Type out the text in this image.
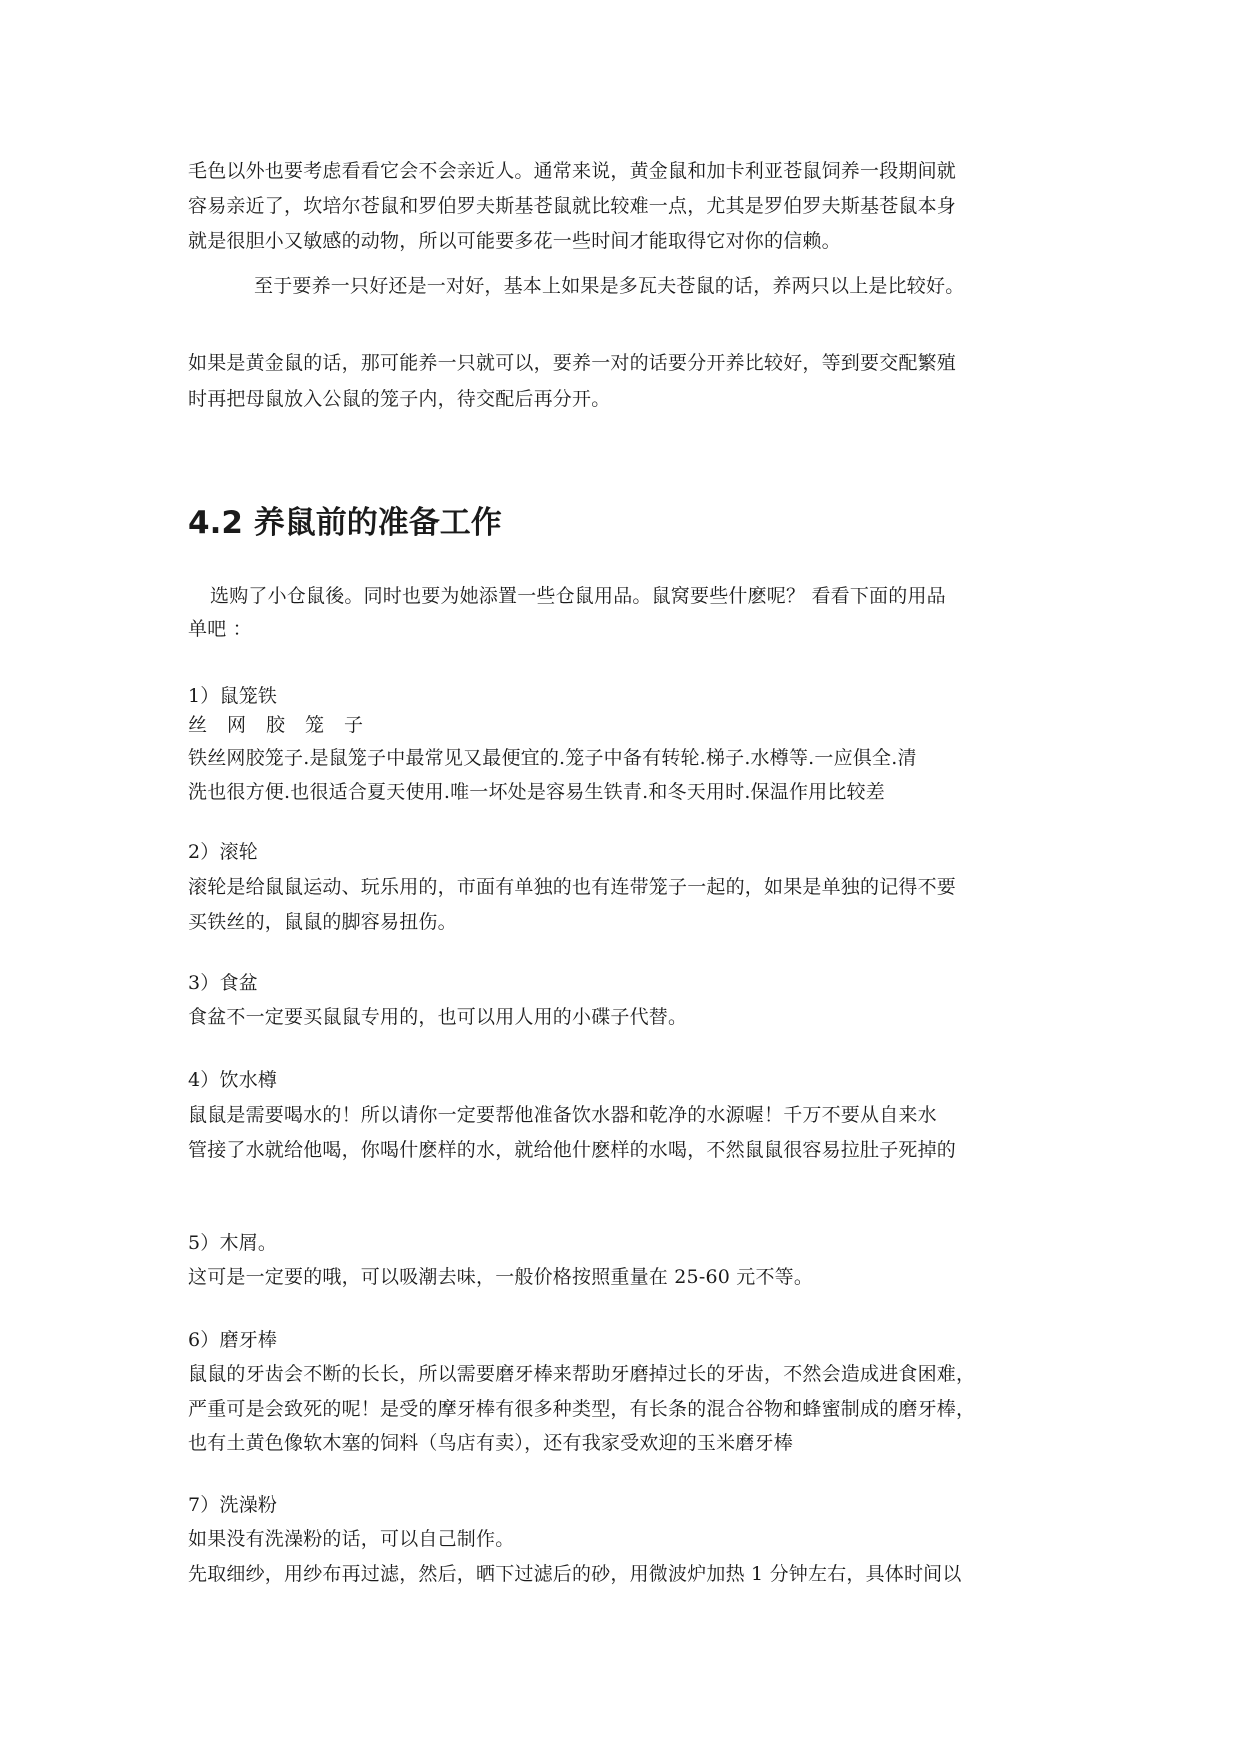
毛色以外也要考虑看看它会不会亲近人。通常来说，黄金鼠和加卡利亚苍鼠饲养一段期间就
容易亲近了，坎培尔苍鼠和罗伯罗夫斯基苍鼠就比较难一点，尤其是罗伯罗夫斯基苍鼠本身
就是很胆小又敏感的动物，所以可能要多花一些时间才能取得它对你的信赖。
至于要养一只好还是一对好，基本上如果是多瓦夫苍鼠的话，养两只以上是比较好。
如果是黄金鼠的话，那可能养一只就可以，要养一对的话要分开养比较好，等到要交配繁殖
时再把母鼠放入公鼠的笼子内，待交配后再分开。
4.2 养鼠前的准备工作
选购了小仓鼠後。同时也要为她添置一些仓鼠用品。鼠窝要些什麽呢？ 看看下面的用品
单吧 ：
1）鼠笼铁
丝网胶笼子
铁丝网胶笼子.是鼠笼子中最常见又最便宜的.笼子中备有转轮.梯子.水樽等.一应俱全.清
洗也很方便.也很适合夏天使用.唯一坏处是容易生铁青.和冬天用时.保温作用比较差
2）滚轮
滚轮是给鼠鼠运动、玩乐用的，市面有单独的也有连带笼子一起的，如果是单独的记得不要
买铁丝的，鼠鼠的脚容易扭伤。
3）食盆
食盆不一定要买鼠鼠专用的，也可以用人用的小碟子代替。
4）饮水樽
鼠鼠是需要喝水的！所以请你一定要帮他准备饮水器和乾净的水源喔！千万不要从自来水
管接了水就给他喝，你喝什麽样的水，就给他什麽样的水喝，不然鼠鼠很容易拉肚子死掉的
5）木屑。
这可是一定要的哦，可以吸潮去味，一般价格按照重量在 25-60 元不等。
6）磨牙棒
鼠鼠的牙齿会不断的长长，所以需要磨牙棒来帮助牙磨掉过长的牙齿，不然会造成进食困难，
严重可是会致死的呢！是受的摩牙棒有很多种类型，有长条的混合谷物和蜂蜜制成的磨牙棒，
也有土黄色像软木塞的饲料（鸟店有卖），还有我家受欢迎的玉米磨牙棒
7）洗澡粉
如果没有洗澡粉的话，可以自己制作。
先取细纱，用纱布再过滤，然后，晒下过滤后的砂，用微波炉加热 1 分钟左右，具体时间以
